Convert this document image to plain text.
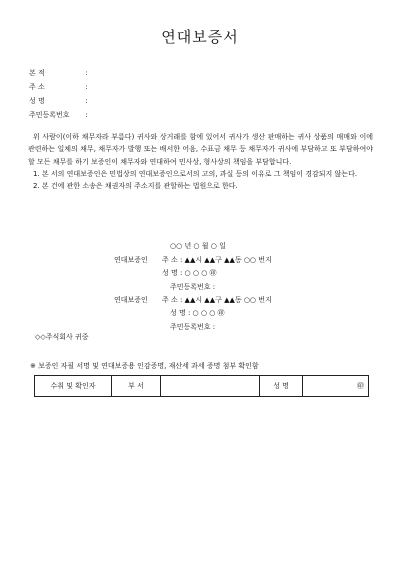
연대보증서
본 적	:
주 소	:
성 명	:
주민등록번호 :

위 사람이(이하 채무자라 부름다) 귀사와 상거래를 함에 있어서 귀사가 생산 판매하는 귀사 상품의 매매와 이에 관련하는 일체의 채무, 채무자가 발행 또는 배서한 어음, 수표금 채무 등 채무자가 귀사에 부담하고 또 부담하여야 할 모든 채무를 하기 보증인이 채무자와 연대하여 민사상, 형사상의 책임을 부담합니다.

1. 본 서의 연대보증인은 민법상의 연대보증인으로서의 고의, 과실 등의 이유로 그 책임이 경감되지 않는다.

2. 본 건에 관한 소송은 채권자의 주소지를 관할하는 법원으로 한다.

○○ 년 ○ 월 ○ 일
연대보증인 주 소 : ▲▲시 ▲▲구 ▲▲동 ○○ 번지
성 명 : ○ ○ ○ ㊞
주민등록번호 :
연대보증인 주 소 : ▲▲시 ▲▲구 ▲▲동 ○○ 번지
성 명 : ○ ○ ○ ㊞
주민등록번호 :
◇◇주식회사 귀중
※ 보증인 자필 서명 및 연대보증용 인감증명, 재산세 과세 증명 첨부 확인함
수취 및 확인자	부 서		성 명	㊞
